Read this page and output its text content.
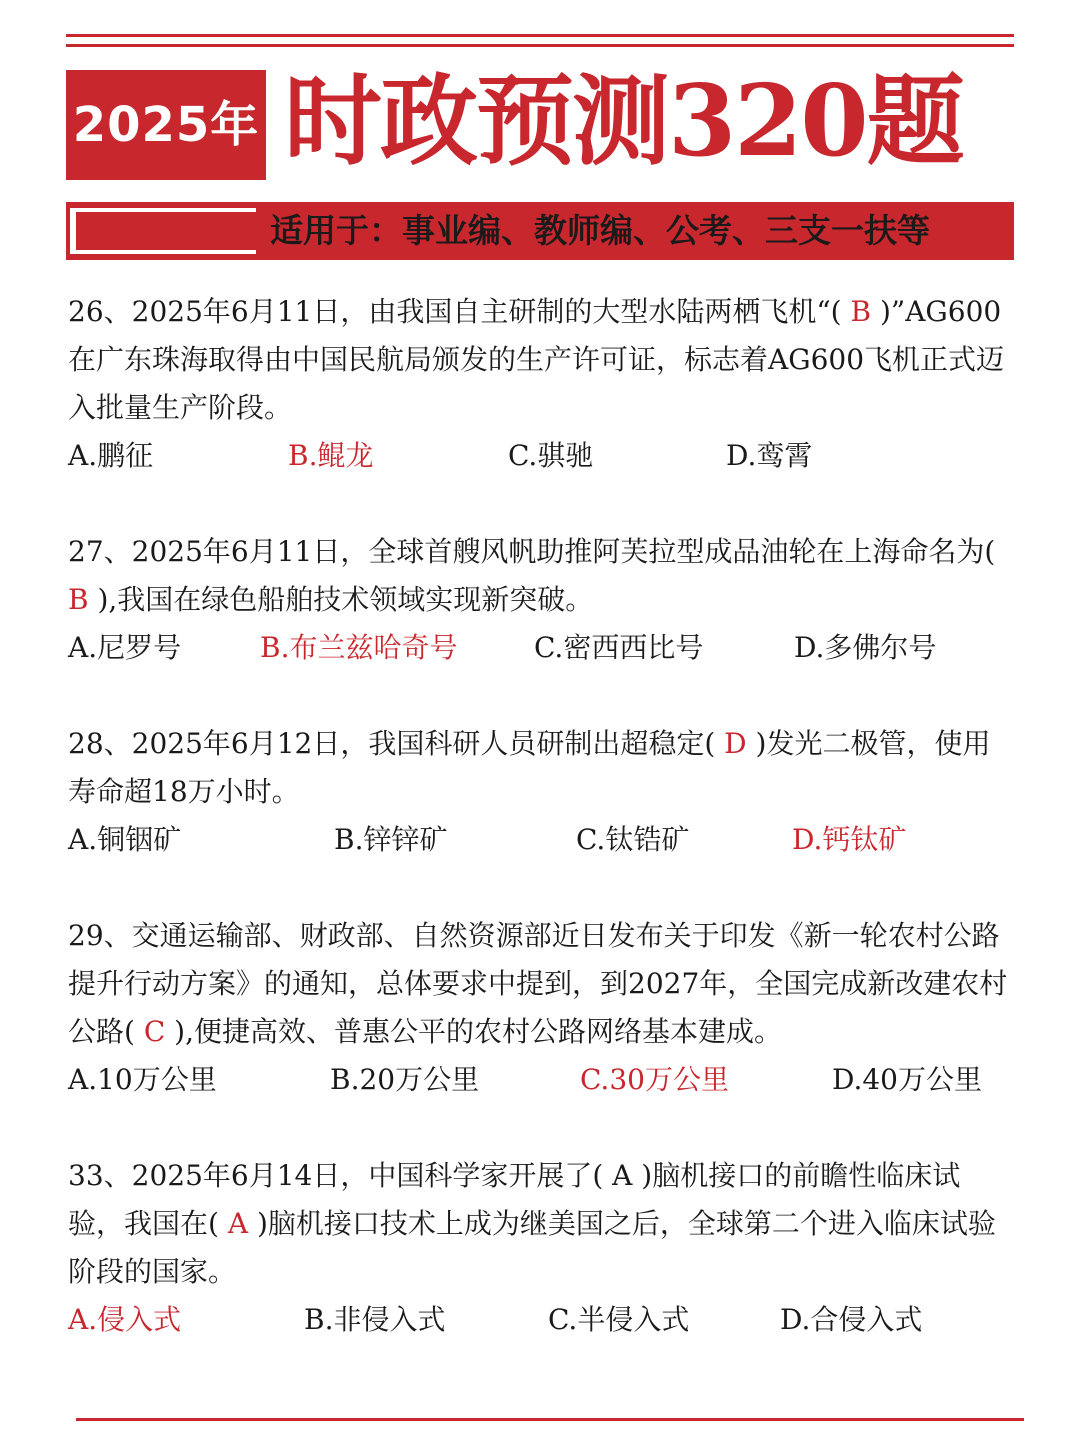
2025年 时政预测320题
适用于：事业编、教师编、公考、三支一扶等

26、2025年6月11日，由我国自主研制的大型水陆两栖飞机“( B )”AG600在广东珠海取得由中国民航局颁发的生产许可证，标志着AG600飞机正式迈入批量生产阶段。

A.鹏征	B.鲲龙	C.骐驰	D.鸾霄

27、2025年6月11日，全球首艘风帆助推阿芙拉型成品油轮在上海命名为( B ),我国在绿色船舶技术领域实现新突破。

A.尼罗号	B.布兰兹哈奇号	C.密西西比号	D.多佛尔号

28、2025年6月12日，我国科研人员研制出超稳定( D )发光二极管，使用寿命超18万小时。

A.铜铟矿	B.锌锌矿	C.钛锆矿	D.钙钛矿

29、交通运输部、财政部、自然资源部近日发布关于印发《新一轮农村公路提升行动方案》的通知，总体要求中提到，到2027年，全国完成新改建农村公路( C ),便捷高效、普惠公平的农村公路网络基本建成。

A.10万公里	B.20万公里	C.30万公里	D.40万公里

33、2025年6月14日，中国科学家开展了( A )脑机接口的前瞻性临床试验，我国在( A )脑机接口技术上成为继美国之后，全球第二个进入临床试验阶段的国家。

A.侵入式	B.非侵入式	C.半侵入式	D.合侵入式
